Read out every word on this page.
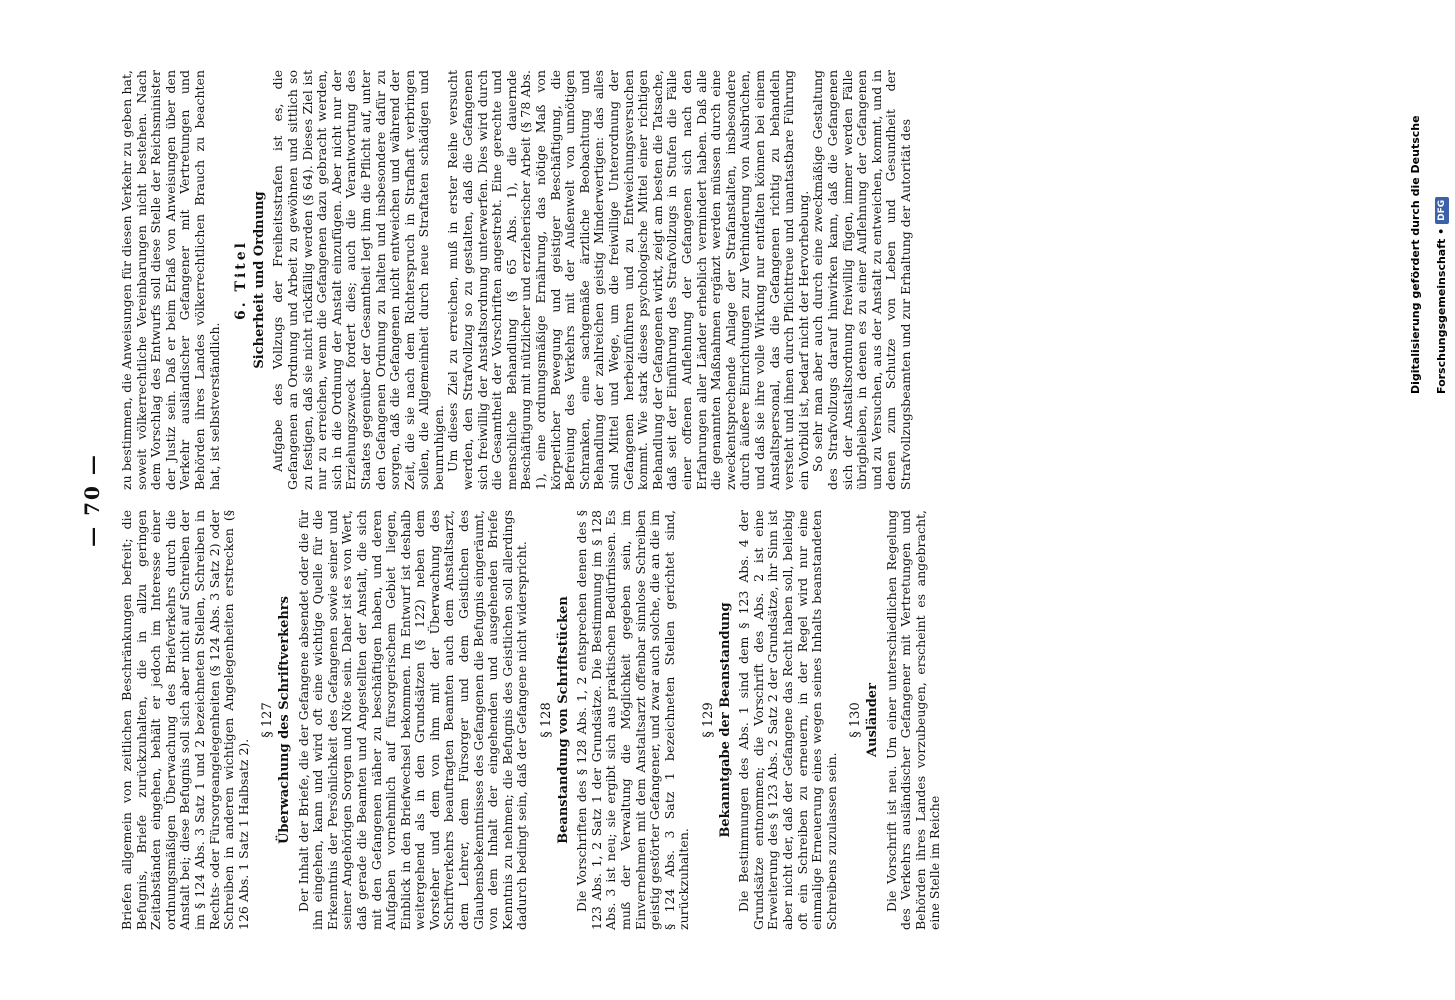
— 70 —

Briefen allgemein von zeitlichen Beschränkungen befreit; die Befugnis, Briefe zurückzuhalten, die in allzu geringen Zeitabständen eingehen, behält er jedoch im Interesse einer ordnungsmäßigen Überwachung des Briefverkehrs durch die Anstalt bei; diese Befugnis soll sich aber nicht auf Schreiben der im § 124 Abs. 3 Satz 1 und 2 bezeichneten Stellen, Schreiben in Rechts- oder Fürsorgeangelegenheiten (§ 124 Abs. 3 Satz 2) oder Schreiben in anderen wichtigen Angelegenheiten erstrecken (§ 126 Abs. 1 Satz 1 Halbsatz 2).

§ 127 Überwachung des Schriftverkehrs Der Inhalt der Briefe, die der Gefangene absendet oder die für ihn eingehen, kann und wird oft eine wichtige Quelle für die Erkenntnis der Persönlichkeit des Gefangenen sowie seiner und seiner Angehörigen Sorgen und Nöte sein. Daher ist es von Wert, daß gerade die Beamten und Angestellten der Anstalt, die sich mit den Gefangenen näher zu beschäftigen haben, und deren Aufgaben vornehmlich auf fürsorgerischem Gebiet liegen, Einblick in den Briefwechsel bekommen. Im Entwurf ist deshalb weitergehend als in den Grundsätzen (§ 122) neben dem Vorsteher und dem von ihm mit der Überwachung des Schriftverkehrs beauftragten Beamten auch dem Anstaltsarzt, dem Lehrer, dem Fürsorger und dem Geistlichen des Glaubensbekenntnisses des Gefangenen die Befugnis eingeräumt, von dem Inhalt der eingehenden und ausgehenden Briefe Kenntnis zu nehmen; die Befugnis des Geistlichen soll allerdings dadurch bedingt sein, daß der Gefangene nicht widerspricht. § 128 Beanstandung von Schriftstücken Die Vorschriften des § 128 Abs. 1, 2 entsprechen denen des § 123 Abs. 1, 2 Satz 1 der Grundsätze. Die Bestimmung im § 128 Abs. 3 ist neu; sie ergibt sich aus praktischen Bedürfnissen. Es muß der Verwaltung die Möglichkeit gegeben sein, im Einvernehmen mit dem Anstaltsarzt offenbar sinnlose Schreiben geistig gestörter Gefangener, und zwar auch solche, die an die im § 124 Abs. 3 Satz 1 bezeichneten Stellen gerichtet sind, zurückzuhalten.

§ 129 Bekanntgabe der Beanstandung Die Bestimmungen des Abs. 1 sind dem § 123 Abs. 4 der Grundsätze entnommen; die Vorschrift des Abs. 2 ist eine Erweiterung des § 123 Abs. 2 Satz 2 der Grundsätze, ihr Sinn ist aber nicht der, daß der Gefangene das Recht haben soll, beliebig oft ein Schreiben zu erneuern, in der Regel wird nur eine einmalige Erneuerung eines wegen seines Inhalts beanstandeten Schreibens zuzulassen sein.

§ 130 Ausländer Die Vorschrift ist neu. Um einer unterschiedlichen Regelung des Verkehrs ausländischer Gefangener mit Vertretungen und Behörden ihres Landes vorzubeugen, erscheint es angebracht, eine Stelle im Reiche

zu bestimmen, die Anweisungen für diesen Verkehr zu geben hat, soweit völkerrechtliche Vereinbarungen nicht bestehen. Nach dem Vorschlag des Entwurfs soll diese Stelle der Reichsminister der Justiz sein. Daß er beim Erlaß von Anweisungen über den Verkehr ausländischer Gefangener mit Vertretungen und Behörden ihres Landes völkerrechtlichen Brauch zu beachten hat, ist selbstverständlich.

6. Titel Sicherheit und Ordnung Aufgabe des Vollzugs der Freiheitsstrafen ist es, die Gefangenen an Ordnung und Arbeit zu gewöhnen und sittlich so zu festigen, daß sie nicht rückfällig werden (§ 64). Dieses Ziel ist nur zu erreichen, wenn die Gefangenen dazu gebracht werden, sich in die Ordnung der Anstalt einzufügen. Aber nicht nur der Erziehungszweck fordert dies; auch die Verantwortung des Staates gegenüber der Gesamtheit legt ihm die Pflicht auf, unter den Gefangenen Ordnung zu halten und insbesondere dafür zu sorgen, daß die Gefangenen nicht entweichen und während der Zeit, die sie nach dem Richterspruch in Strafhaft verbringen sollen, die Allgemeinheit durch neue Straftaten schädigen und beunruhigen. Um dieses Ziel zu erreichen, muß in erster Reihe versucht werden, den Strafvollzug so zu gestalten, daß die Gefangenen sich freiwillig der Anstaltsordnung unterwerfen. Dies wird durch die Gesamtheit der Vorschriften angestrebt. Eine gerechte und menschliche Behandlung (§ 65 Abs. 1), die dauernde Beschäftigung mit nützlicher und erzieherischer Arbeit (§ 78 Abs. 1), eine ordnungsmäßige Ernährung, das nötige Maß von körperlicher Bewegung und geistiger Beschäftigung, die Befreiung des Verkehrs mit der Außenwelt von unnötigen Schranken, eine sachgemäße ärztliche Beobachtung und Behandlung der zahlreichen geistig Minderwertigen: das alles sind Mittel und Wege, um die freiwillige Unterordnung der Gefangenen herbeizuführen und zu Entweichungsversuchen kommt. Wie stark dieses psychologische Mittel einer richtigen Behandlung der Gefangenen wirkt, zeigt am besten die Tatsache, daß seit der Einführung des Strafvollzugs in Stufen die Fälle einer offenen Auflehnung der Gefangenen sich nach den Erfahrungen aller Länder erheblich vermindert haben. Daß alle die genannten Maßnahmen ergänzt werden müssen durch eine zweckentsprechende Anlage der Strafanstalten, insbesondere durch äußere Einrichtungen zur Verhinderung von Ausbrüchen, und daß sie ihre volle Wirkung nur entfalten können bei einem Anstaltspersonal, das die Gefangenen richtig zu behandeln versteht und ihnen durch Pflichttreue und unantastbare Führung ein Vorbild ist, bedarf nicht der Hervorhebung. So sehr man aber auch durch eine zweckmäßige Gestaltung des Strafvollzugs darauf hinwirken kann, daß die Gefangenen sich der Anstaltsordnung freiwillig fügen, immer werden Fälle übrigbleiben, in denen es zu einer Auflehnung der Gefangenen und zu Versuchen, aus der Anstalt zu entweichen, kommt, und in denen zum Schutze von Leben und Gesundheit der Strafvollzugsbeamten und zur Erhaltung der Autorität des	Digitalisierung gefördert durch die Deutsche Forschungsgemeinschaft •DFG
